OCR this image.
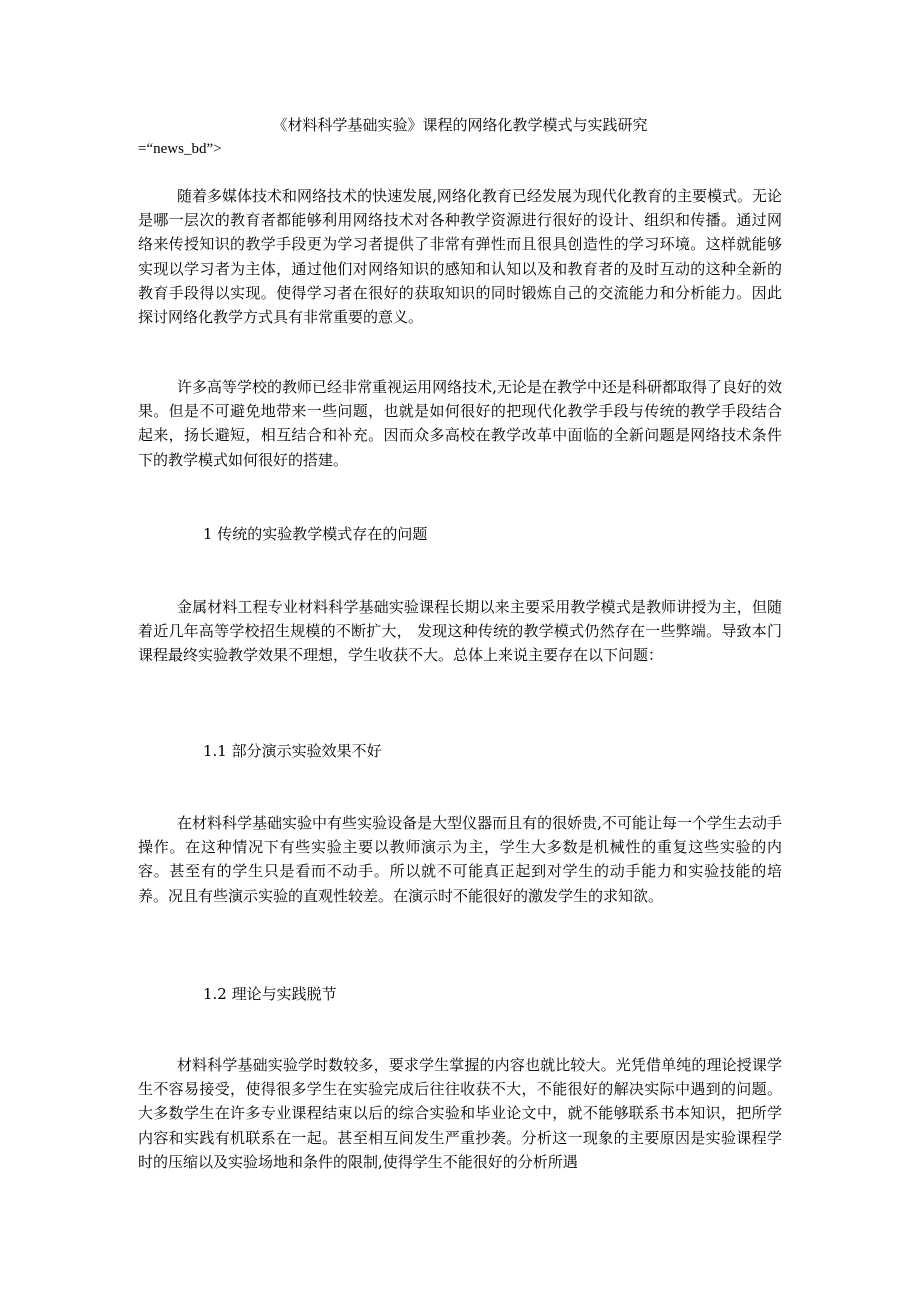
《材料科学基础实验》课程的网络化教学模式与实践研究
=“news_bd”>

随着多媒体技术和网络技术的快速发展,网络化教育已经发展为现代化教育的主要模式。无论是哪一层次的教育者都能够利用网络技术对各种教学资源进行很好的设计、组织和传播。通过网络来传授知识的教学手段更为学习者提供了非常有弹性而且很具创造性的学习环境。这样就能够实现以学习者为主体，通过他们对网络知识的感知和认知以及和教育者的及时互动的这种全新的教育手段得以实现。使得学习者在很好的获取知识的同时锻炼自己的交流能力和分析能力。因此探讨网络化教学方式具有非常重要的意义。

许多高等学校的教师已经非常重视运用网络技术,无论是在教学中还是科研都取得了良好的效果。但是不可避免地带来一些问题，也就是如何很好的把现代化教学手段与传统的教学手段结合起来，扬长避短，相互结合和补充。因而众多高校在教学改革中面临的全新问题是网络技术条件下的教学模式如何很好的搭建。

1 传统的实验教学模式存在的问题

金属材料工程专业材料科学基础实验课程长期以来主要采用教学模式是教师讲授为主，但随着近几年高等学校招生规模的不断扩大， 发现这种传统的教学模式仍然存在一些弊端。导致本门课程最终实验教学效果不理想，学生收获不大。总体上来说主要存在以下问题：

1.1 部分演示实验效果不好

在材料科学基础实验中有些实验设备是大型仪器而且有的很娇贵,不可能让每一个学生去动手操作。在这种情况下有些实验主要以教师演示为主，学生大多数是机械性的重复这些实验的内容。甚至有的学生只是看而不动手。所以就不可能真正起到对学生的动手能力和实验技能的培养。况且有些演示实验的直观性较差。在演示时不能很好的激发学生的求知欲。

1.2 理论与实践脱节

材料科学基础实验学时数较多，要求学生掌握的内容也就比较大。光凭借单纯的理论授课学生不容易接受，使得很多学生在实验完成后往往收获不大，不能很好的解决实际中遇到的问题。大多数学生在许多专业课程结束以后的综合实验和毕业论文中，就不能够联系书本知识，把所学内容和实践有机联系在一起。甚至相互间发生严重抄袭。分析这一现象的主要原因是实验课程学时的压缩以及实验场地和条件的限制,使得学生不能很好的分析所遇
